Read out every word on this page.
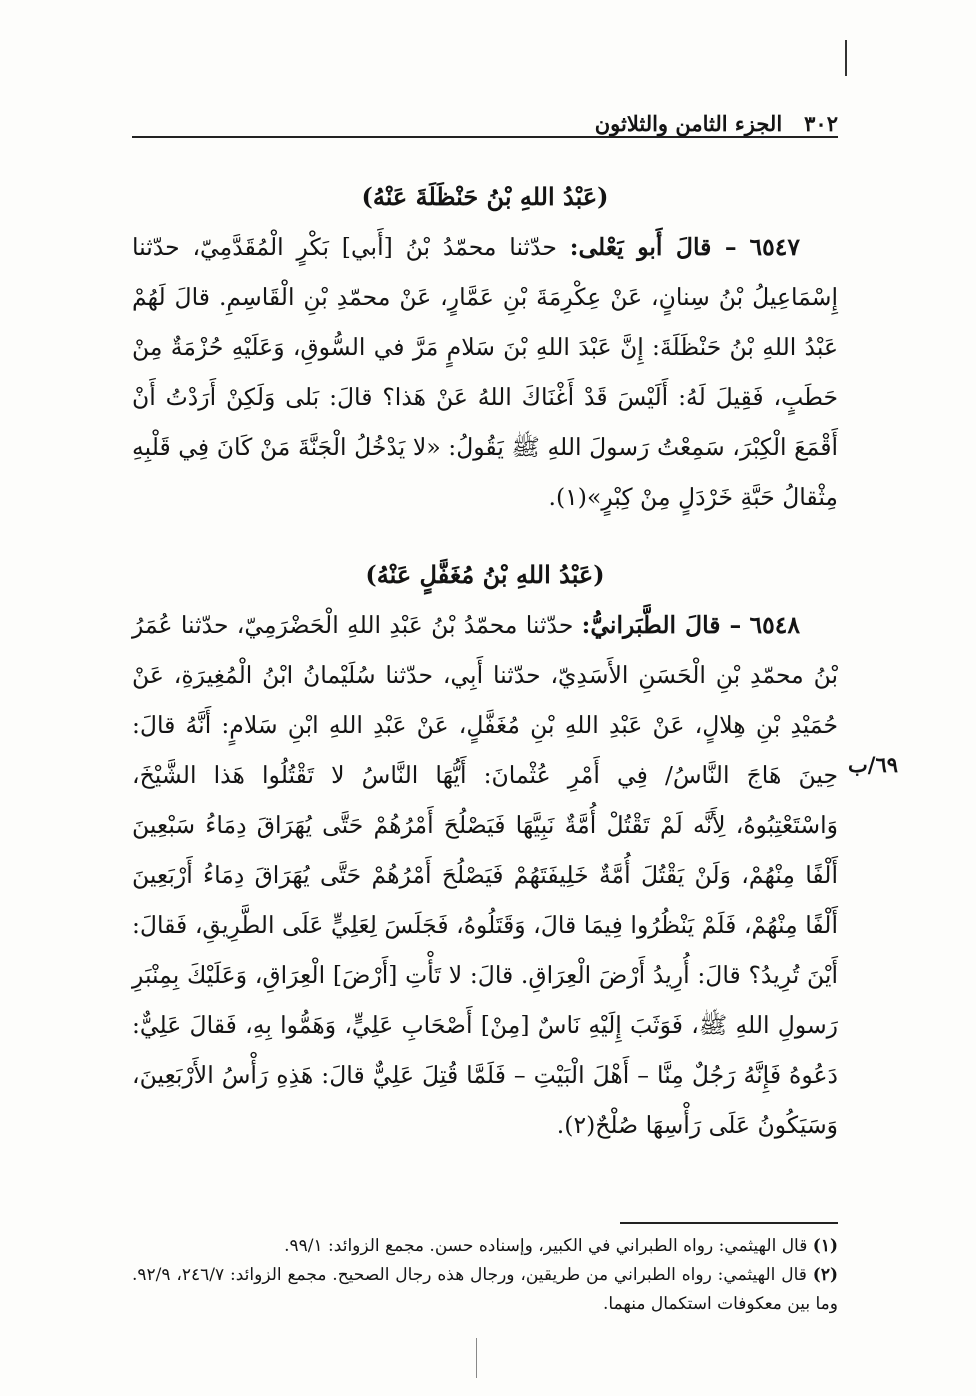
٣٠٢
الجزء الثامن والثلاثون
(عَبْدُ اللهِ بْنُ حَنْظَلَةَ عَنْهُ)

٦٥٤٧ – قالَ أَبو يَعْلى: حدّثنا محمّدُ بْنُ [أَبي] بَكْرٍ الْمُقَدَّمِيّ، حدّثنا إِسْمَاعِيلُ بْنُ سِنانٍ، عَنْ عِكْرِمَةَ بْنِ عَمَّارٍ، عَنْ محمّدِ بْنِ الْقَاسِمِ. قالَ لَهُمْ عَبْدُ اللهِ بْنُ حَنْظَلَةَ: إِنَّ عَبْدَ اللهِ بْنَ سَلامٍ مَرَّ في السُّوقِ، وَعَلَيْهِ حُزْمَةٌ مِنْ حَطَبٍ، فَقِيلَ لَهُ: أَلَيْسَ قَدْ أَغْنَاكَ اللهُ عَنْ هَذا؟ قالَ: بَلى وَلَكِنْ أَرَدْتُ أَنْ أَقْمَعَ الْكِبْرَ، سَمِعْتُ رَسولَ اللهِ ﷺ يَقُولُ: «لا يَدْخُلُ الْجَنَّةَ مَنْ كَانَ فِي قَلْبِهِ مِثْقالُ حَبَّةِ خَرْدَلٍ مِنْ كِبْرٍ»(١).

(عَبْدُ اللهِ بْنُ مُغَفَّلٍ عَنْهُ)

٦٥٤٨ – قالَ الطَّبَرانيُّ: حدّثنا محمّدُ بْنُ عَبْدِ اللهِ الْحَضْرَمِيّ، حدّثنا عُمَرُ بْنُ محمّدِ بْنِ الْحَسَنِ الأَسَدِيّ، حدّثنا أَبِي، حدّثنا سُلَيْمانُ ابْنُ الْمُغِيرَةِ، عَنْ حُمَيْدِ بْنِ هِلالٍ، عَنْ عَبْدِ اللهِ بْنِ مُغَفَّلٍ، عَنْ عَبْدِ اللهِ ابْنِ سَلامٍ: أَنَّهُ قالَ: حِينَ هَاجَ النَّاسُ/ فِي أَمْرِ عُثْمانَ: أَيُّهَا النَّاسُ لا تَقْتُلُوا هَذا الشَّيْخَ، وَاسْتَعْتِبُوهُ، لِأَنَّه لَمْ تَقْتُلْ أُمَّةٌ نَبِيَّهَا فَيَصْلُحَ أَمْرُهُمْ حَتَّى يُهَرَاقَ دِمَاءُ سَبْعِينَ أَلْفًا مِنْهُمْ، وَلَنْ يَقْتُلَ أُمَّةٌ خَلِيفَتَهُمْ فَيَصْلُحَ أَمْرُهُمْ حَتَّى يُهَرَاقَ دِمَاءُ أَرْبَعِينَ أَلْفًا مِنْهُمْ، فَلَمْ يَنْظُرُوا فِيمَا قالَ، وَقَتَلُوهُ، فَجَلَسَ لِعَلِيٍّ عَلَى الطَّرِيقِ، فَقالَ: أَيْنَ تُرِيدُ؟ قالَ: أُرِيدُ أَرْضَ الْعِرَاقِ. قالَ: لا تَأْتِ [أَرْضَ] الْعِرَاقِ، وَعَلَيْكَ بِمِنْبَرِ رَسولِ اللهِ ﷺ، فَوَثَبَ إِلَيْهِ نَاسٌ [مِنْ] أَصْحَابِ عَلِيٍّ، وَهَمُّوا بِهِ، فَقالَ عَلِيٌّ: دَعُوهُ فَإِنَّهُ رَجُلٌ مِنَّا – أَهْلَ الْبَيْتِ – فَلَمَّا قُتِلَ عَلِيٌّ قالَ: هَذِهِ رَأْسُ الأَرْبَعِينَ، وَسَيَكُونُ عَلَى رَأْسِهَا صُلْحٌ(٢).

٦٩/ب

(١) قال الهيثمي: رواه الطبراني في الكبير، وإسناده حسن. مجمع الزوائد: ٩٩/١.

(٢) قال الهيثمي: رواه الطبراني من طريقين، ورجال هذه رجال الصحيح. مجمع الزوائد: ٢٤٦/٧، ٩٢/٩. وما بين معكوفات استكمال منهما.
